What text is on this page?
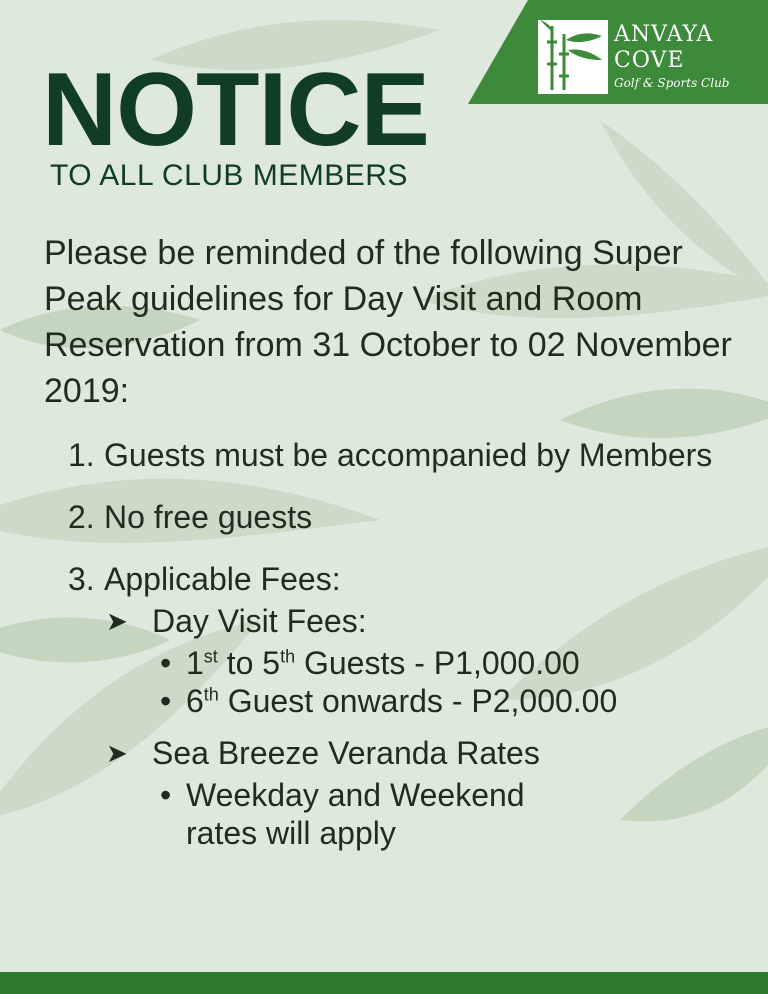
ANVAYA
COVE
Golf & Sports Club
NOTICE
TO ALL CLUB MEMBERS

Please be reminded of the following Super Peak guidelines for Day Visit and Room Reservation from 31 October to 02 November 2019:

1. Guests must be accompanied by Members
2. No free guests
3. Applicable Fees:
➤ Day Visit Fees:
• 1st to 5th Guests - P1,000.00
• 6th Guest onwards - P2,000.00
➤ Sea Breeze Veranda Rates
• Weekday and Weekend rates will apply
